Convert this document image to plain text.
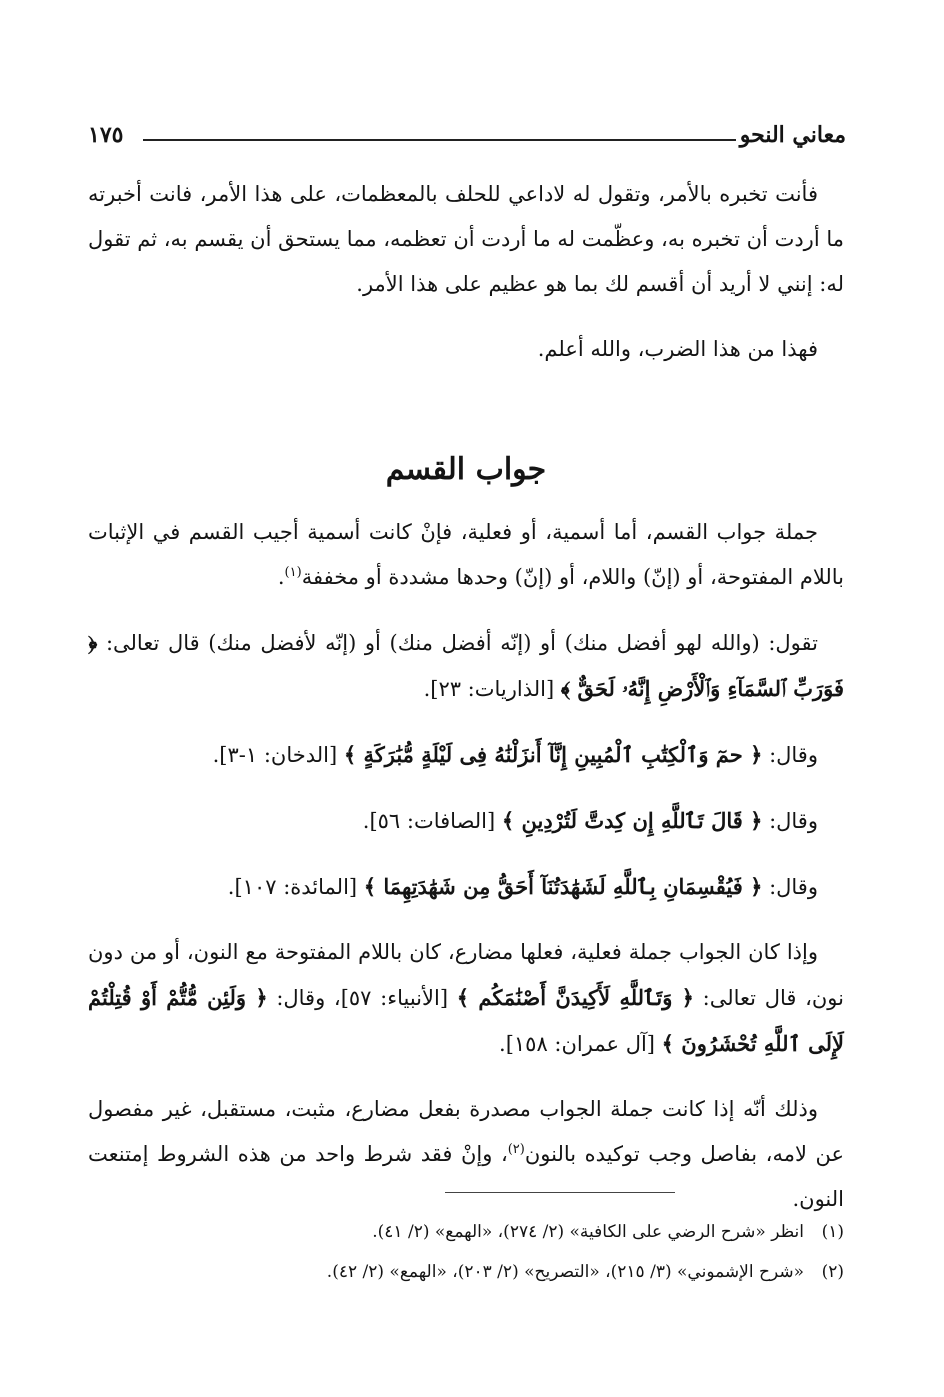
معاني النحو
١٧٥

فأنت تخبره بالأمر، وتقول له لاداعي للحلف بالمعظمات، على هذا الأمر، فانت أخبرته ما أردت أن تخبره به، وعظّمت له ما أردت أن تعظمه، مما يستحق أن يقسم به، ثم تقول له: إنني لا أريد أن أقسم لك بما هو عظيم على هذا الأمر.

فهذا من هذا الضرب، والله أعلم.

جواب القسم

جملة جواب القسم، أما أسمية، أو فعلية، فإنْ كانت أسمية أجيب القسم في الإثبات باللام المفتوحة، أو (إنّ) واللام، أو (إنّ) وحدها مشددة أو مخففة$^{(١)}$.

تقول: (والله لهو أفضل منك) أو (إنّه أفضل منك) أو (إنّه لأفضل منك) قال تعالى: ﴿ فَوَرَبِّ ٱلسَّمَآءِ وَٱلْأَرْضِ إِنَّهُۥ لَحَقٌّ ﴾ [الذاريات: ٢٣].

وقال: ﴿ حمٓ وَٱلْكِتَٰبِ ٱلْمُبِينِ إِنَّآ أَنزَلْنَٰهُ فِى لَيْلَةٍ مُّبَٰرَكَةٍ ﴾ [الدخان: ١-٣].

وقال: ﴿ قَالَ تَٱللَّهِ إِن كِدتَّ لَتُرْدِينِ ﴾ [الصافات: ٥٦].

وقال: ﴿ فَيُقْسِمَانِ بِٱللَّهِ لَشَهَٰدَتُنَآ أَحَقُّ مِن شَهَٰدَتِهِمَا ﴾ [المائدة: ١٠٧].

وإذا كان الجواب جملة فعلية، فعلها مضارع، كان باللام المفتوحة مع النون، أو من دون نون، قال تعالى: ﴿ وَتَٱللَّهِ لَأَكِيدَنَّ أَصْنَٰمَكُم ﴾ [الأنبياء: ٥٧]، وقال: ﴿ وَلَئِن مُّتُّمْ أَوْ قُتِلْتُمْ لَإِلَى ٱللَّهِ تُحْشَرُونَ ﴾ [آل عمران: ١٥٨].

وذلك أنّه إذا كانت جملة الجواب مصدرة بفعل مضارع، مثبت، مستقبل، غير مفصول عن لامه، بفاصل وجب توكيده بالنون$^{(٢)}$، وإنْ فقد شرط واحد من هذه الشروط إمتنعت النون.

(١)انظر «شرح الرضي على الكافية» (٢/ ٢٧٤)، «الهمع» (٢/ ٤١).

(٢)«شرح الإشموني» (٣/ ٢١٥)، «التصريح» (٢/ ٢٠٣)، «الهمع» (٢/ ٤٢).
